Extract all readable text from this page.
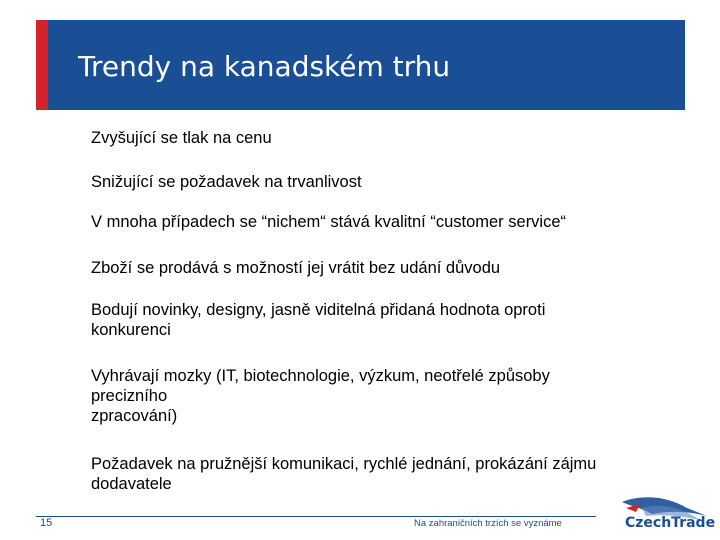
Trendy na kanadském trhu
Zvyšující se tlak na cenu
Snižující se požadavek na trvanlivost
V mnoha případech se “nichem“ stává kvalitní “customer service“
Zboží se prodává s možností jej vrátit bez udání důvodu
Bodují novinky, designy, jasně viditelná přidaná hodnota oproti
konkurenci
Vyhrávají mozky (IT, biotechnologie, výzkum, neotřelé způsoby
precizního
zpracování)
Požadavek na pružnější komunikaci, rychlé jednání, prokázání zájmu
dodavatele
15	Na zahraničních trzích se vyznáme	CzechTrade
